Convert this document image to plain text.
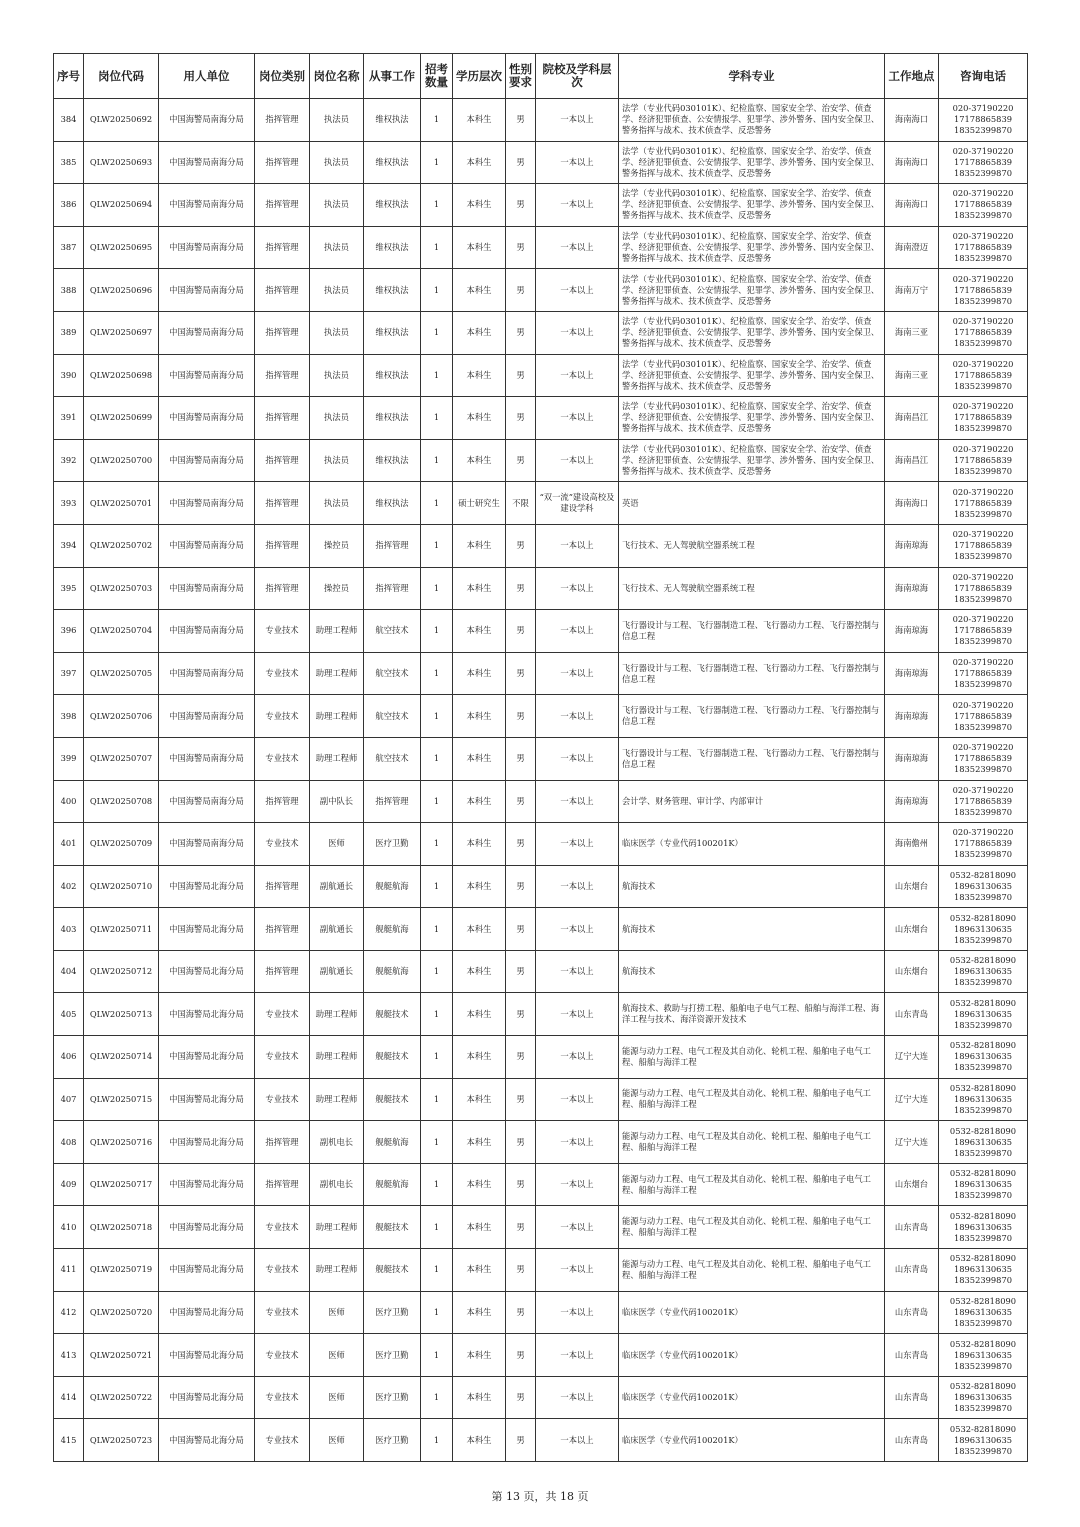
序号	岗位代码	用人单位	岗位类别	岗位名称	从事工作	招考数量	学历层次	性别要求	院校及学科层次	学科专业	工作地点	咨询电话
384	QLW20250692	中国海警局南海分局	指挥管理	执法员	维权执法	1	本科生	男	一本以上	法学（专业代码030101K）、纪检监察、国家安全学、治安学、侦查学、经济犯罪侦查、公安情报学、犯罪学、涉外警务、国内安全保卫、警务指挥与战术、技术侦查学、反恐警务	海南海口	020-37190220
17178865839
18352399870
385	QLW20250693	中国海警局南海分局	指挥管理	执法员	维权执法	1	本科生	男	一本以上	法学（专业代码030101K）、纪检监察、国家安全学、治安学、侦查学、经济犯罪侦查、公安情报学、犯罪学、涉外警务、国内安全保卫、警务指挥与战术、技术侦查学、反恐警务	海南海口	020-37190220
17178865839
18352399870
386	QLW20250694	中国海警局南海分局	指挥管理	执法员	维权执法	1	本科生	男	一本以上	法学（专业代码030101K）、纪检监察、国家安全学、治安学、侦查学、经济犯罪侦查、公安情报学、犯罪学、涉外警务、国内安全保卫、警务指挥与战术、技术侦查学、反恐警务	海南海口	020-37190220
17178865839
18352399870
387	QLW20250695	中国海警局南海分局	指挥管理	执法员	维权执法	1	本科生	男	一本以上	法学（专业代码030101K）、纪检监察、国家安全学、治安学、侦查学、经济犯罪侦查、公安情报学、犯罪学、涉外警务、国内安全保卫、警务指挥与战术、技术侦查学、反恐警务	海南澄迈	020-37190220
17178865839
18352399870
388	QLW20250696	中国海警局南海分局	指挥管理	执法员	维权执法	1	本科生	男	一本以上	法学（专业代码030101K）、纪检监察、国家安全学、治安学、侦查学、经济犯罪侦查、公安情报学、犯罪学、涉外警务、国内安全保卫、警务指挥与战术、技术侦查学、反恐警务	海南万宁	020-37190220
17178865839
18352399870
389	QLW20250697	中国海警局南海分局	指挥管理	执法员	维权执法	1	本科生	男	一本以上	法学（专业代码030101K）、纪检监察、国家安全学、治安学、侦查学、经济犯罪侦查、公安情报学、犯罪学、涉外警务、国内安全保卫、警务指挥与战术、技术侦查学、反恐警务	海南三亚	020-37190220
17178865839
18352399870
390	QLW20250698	中国海警局南海分局	指挥管理	执法员	维权执法	1	本科生	男	一本以上	法学（专业代码030101K）、纪检监察、国家安全学、治安学、侦查学、经济犯罪侦查、公安情报学、犯罪学、涉外警务、国内安全保卫、警务指挥与战术、技术侦查学、反恐警务	海南三亚	020-37190220
17178865839
18352399870
391	QLW20250699	中国海警局南海分局	指挥管理	执法员	维权执法	1	本科生	男	一本以上	法学（专业代码030101K）、纪检监察、国家安全学、治安学、侦查学、经济犯罪侦查、公安情报学、犯罪学、涉外警务、国内安全保卫、警务指挥与战术、技术侦查学、反恐警务	海南昌江	020-37190220
17178865839
18352399870
392	QLW20250700	中国海警局南海分局	指挥管理	执法员	维权执法	1	本科生	男	一本以上	法学（专业代码030101K）、纪检监察、国家安全学、治安学、侦查学、经济犯罪侦查、公安情报学、犯罪学、涉外警务、国内安全保卫、警务指挥与战术、技术侦查学、反恐警务	海南昌江	020-37190220
17178865839
18352399870
393	QLW20250701	中国海警局南海分局	指挥管理	执法员	维权执法	1	硕士研究生	不限	“双一流”建设高校及建设学科	英语	海南海口	020-37190220
17178865839
18352399870
394	QLW20250702	中国海警局南海分局	指挥管理	操控员	指挥管理	1	本科生	男	一本以上	飞行技术、无人驾驶航空器系统工程	海南琼海	020-37190220
17178865839
18352399870
395	QLW20250703	中国海警局南海分局	指挥管理	操控员	指挥管理	1	本科生	男	一本以上	飞行技术、无人驾驶航空器系统工程	海南琼海	020-37190220
17178865839
18352399870
396	QLW20250704	中国海警局南海分局	专业技术	助理工程师	航空技术	1	本科生	男	一本以上	飞行器设计与工程、飞行器制造工程、飞行器动力工程、飞行器控制与信息工程	海南琼海	020-37190220
17178865839
18352399870
397	QLW20250705	中国海警局南海分局	专业技术	助理工程师	航空技术	1	本科生	男	一本以上	飞行器设计与工程、飞行器制造工程、飞行器动力工程、飞行器控制与信息工程	海南琼海	020-37190220
17178865839
18352399870
398	QLW20250706	中国海警局南海分局	专业技术	助理工程师	航空技术	1	本科生	男	一本以上	飞行器设计与工程、飞行器制造工程、飞行器动力工程、飞行器控制与信息工程	海南琼海	020-37190220
17178865839
18352399870
399	QLW20250707	中国海警局南海分局	专业技术	助理工程师	航空技术	1	本科生	男	一本以上	飞行器设计与工程、飞行器制造工程、飞行器动力工程、飞行器控制与信息工程	海南琼海	020-37190220
17178865839
18352399870
400	QLW20250708	中国海警局南海分局	指挥管理	副中队长	指挥管理	1	本科生	男	一本以上	会计学、财务管理、审计学、内部审计	海南琼海	020-37190220
17178865839
18352399870
401	QLW20250709	中国海警局南海分局	专业技术	医师	医疗卫勤	1	本科生	男	一本以上	临床医学（专业代码100201K）	海南儋州	020-37190220
17178865839
18352399870
402	QLW20250710	中国海警局北海分局	指挥管理	副航通长	舰艇航海	1	本科生	男	一本以上	航海技术	山东烟台	0532-82818090
18963130635
18352399870
403	QLW20250711	中国海警局北海分局	指挥管理	副航通长	舰艇航海	1	本科生	男	一本以上	航海技术	山东烟台	0532-82818090
18963130635
18352399870
404	QLW20250712	中国海警局北海分局	指挥管理	副航通长	舰艇航海	1	本科生	男	一本以上	航海技术	山东烟台	0532-82818090
18963130635
18352399870
405	QLW20250713	中国海警局北海分局	专业技术	助理工程师	舰艇技术	1	本科生	男	一本以上	航海技术、救助与打捞工程、船舶电子电气工程、船舶与海洋工程、海洋工程与技术、海洋资源开发技术	山东青岛	0532-82818090
18963130635
18352399870
406	QLW20250714	中国海警局北海分局	专业技术	助理工程师	舰艇技术	1	本科生	男	一本以上	能源与动力工程、电气工程及其自动化、轮机工程、船舶电子电气工程、船舶与海洋工程	辽宁大连	0532-82818090
18963130635
18352399870
407	QLW20250715	中国海警局北海分局	专业技术	助理工程师	舰艇技术	1	本科生	男	一本以上	能源与动力工程、电气工程及其自动化、轮机工程、船舶电子电气工程、船舶与海洋工程	辽宁大连	0532-82818090
18963130635
18352399870
408	QLW20250716	中国海警局北海分局	指挥管理	副机电长	舰艇航海	1	本科生	男	一本以上	能源与动力工程、电气工程及其自动化、轮机工程、船舶电子电气工程、船舶与海洋工程	辽宁大连	0532-82818090
18963130635
18352399870
409	QLW20250717	中国海警局北海分局	指挥管理	副机电长	舰艇航海	1	本科生	男	一本以上	能源与动力工程、电气工程及其自动化、轮机工程、船舶电子电气工程、船舶与海洋工程	山东烟台	0532-82818090
18963130635
18352399870
410	QLW20250718	中国海警局北海分局	专业技术	助理工程师	舰艇技术	1	本科生	男	一本以上	能源与动力工程、电气工程及其自动化、轮机工程、船舶电子电气工程、船舶与海洋工程	山东青岛	0532-82818090
18963130635
18352399870
411	QLW20250719	中国海警局北海分局	专业技术	助理工程师	舰艇技术	1	本科生	男	一本以上	能源与动力工程、电气工程及其自动化、轮机工程、船舶电子电气工程、船舶与海洋工程	山东青岛	0532-82818090
18963130635
18352399870
412	QLW20250720	中国海警局北海分局	专业技术	医师	医疗卫勤	1	本科生	男	一本以上	临床医学（专业代码100201K）	山东青岛	0532-82818090
18963130635
18352399870
413	QLW20250721	中国海警局北海分局	专业技术	医师	医疗卫勤	1	本科生	男	一本以上	临床医学（专业代码100201K）	山东青岛	0532-82818090
18963130635
18352399870
414	QLW20250722	中国海警局北海分局	专业技术	医师	医疗卫勤	1	本科生	男	一本以上	临床医学（专业代码100201K）	山东青岛	0532-82818090
18963130635
18352399870
415	QLW20250723	中国海警局北海分局	专业技术	医师	医疗卫勤	1	本科生	男	一本以上	临床医学（专业代码100201K）	山东青岛	0532-82818090
18963130635
18352399870
第 13 页，共 18 页
